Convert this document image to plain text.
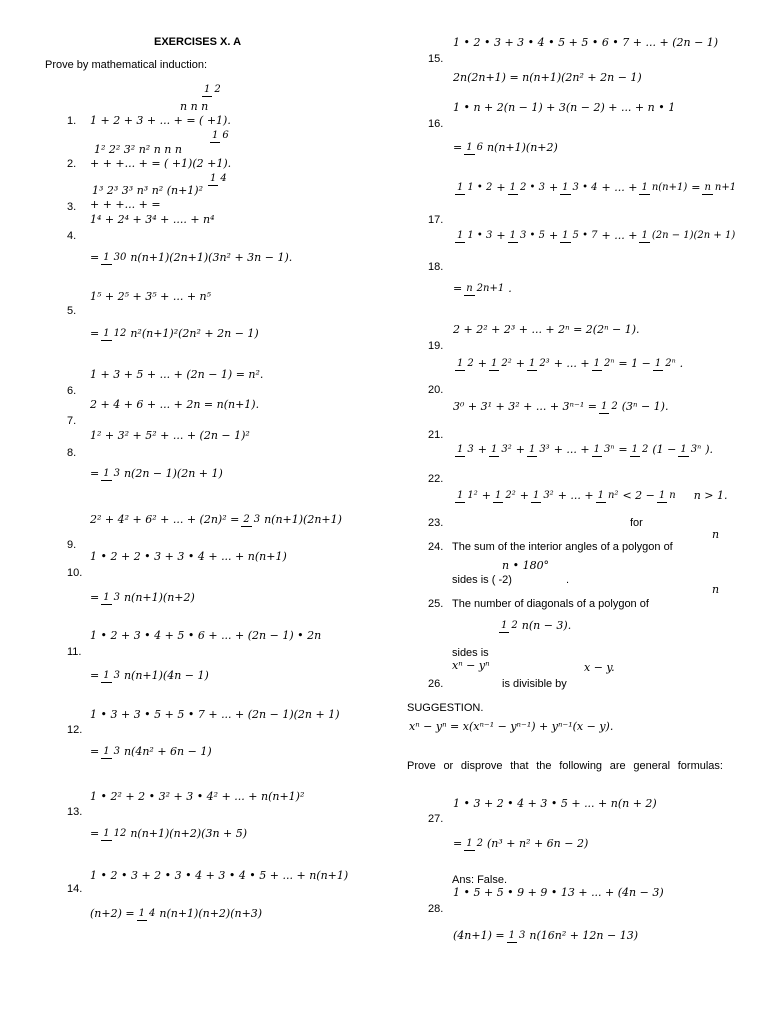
EXERCISES X. A
Prove by mathematical induction:
1 2
n n n
1. 1 + 2 + 3 + ... + = ( +1).
1 6
1² 2² 3² n² n n n
2. + + +... + = ( +1)(2 +1).
1 4
1³ 2³ 3³ n³ n² (n+1)²
3. + + +... + =
1⁴ + 2⁴ + 3⁴ + .... + n⁴
4.
= 1 30 n(n+1)(2n+1)(3n² + 3n − 1).
1⁵ + 2⁵ + 3⁵ + ... + n⁵
5.
= 1 12 n²(n+1)²(2n² + 2n − 1)
1 + 3 + 5 + ... + (2n − 1) = n².
6.
2 + 4 + 6 + ... + 2n = n(n+1).
7.
1² + 3² + 5² + ... + (2n − 1)²
8.
= 1 3 n(2n − 1)(2n + 1)
2² + 4² + 6² + ... + (2n)² = 2 3 n(n+1)(2n+1)
9.
1 • 2 + 2 • 3 + 3 • 4 + ... + n(n+1)
10.
= 1 3 n(n+1)(n+2)
1 • 2 + 3 • 4 + 5 • 6 + ... + (2n − 1) • 2n
11.
= 1 3 n(n+1)(4n − 1)
1 • 3 + 3 • 5 + 5 • 7 + ... + (2n − 1)(2n + 1)
12.
= 1 3 n(4n² + 6n − 1)
1 • 2² + 2 • 3² + 3 • 4² + ... + n(n+1)²
13.
= 1 12 n(n+1)(n+2)(3n + 5)
1 • 2 • 3 + 2 • 3 • 4 + 3 • 4 • 5 + ... + n(n+1)
14.
(n+2) = 1 4 n(n+1)(n+2)(n+3)
1 • 2 • 3 + 3 • 4 • 5 + 5 • 6 • 7 + ... + (2n − 1)
15.
2n(2n+1) = n(n+1)(2n² + 2n − 1)
1 • n + 2(n − 1) + 3(n − 2) + ... + n • 1
16.
= 1 6 n(n+1)(n+2)
1 1 • 2 + 1 2 • 3 + 1 3 • 4 + ... + 1 n(n+1) = n n+1
17.
1 1 • 3 + 1 3 • 5 + 1 5 • 7 + ... + 1 (2n − 1)(2n + 1)
18.
= n 2n+1 .
2 + 2² + 2³ + ... + 2ⁿ = 2(2ⁿ − 1).
19.
1 2 + 1 2² + 1 2³ + ... + 1 2ⁿ = 1 − 1 2ⁿ .
20.
3⁰ + 3¹ + 3² + ... + 3ⁿ⁻¹ = 1 2 (3ⁿ − 1).
21.
1 3 + 1 3² + 1 3³ + ... + 1 3ⁿ = 1 2 (1 − 1 3ⁿ ).
22.
1 1² + 1 2² + 1 3² + ... + 1 n² < 2 − 1 n n > 1.
23.	for
n
24. The sum of the interior angles of a polygon of
n • 180°
sides is ( -2)	.
n
25. The number of diagonals of a polygon of
1 2 n(n − 3).
sides is
xⁿ − yⁿ	x − y.
26.	is divisible by
SUGGESTION.
xⁿ − yⁿ = x(xⁿ⁻¹ − yⁿ⁻¹) + yⁿ⁻¹(x − y).
Prove or disprove that the following are general formulas:
1 • 3 + 2 • 4 + 3 • 5 + ... + n(n + 2)
27.
= 1 2 (n³ + n² + 6n − 2)
Ans: False.
1 • 5 + 5 • 9 + 9 • 13 + ... + (4n − 3)
28.
(4n+1) = 1 3 n(16n² + 12n − 13)
